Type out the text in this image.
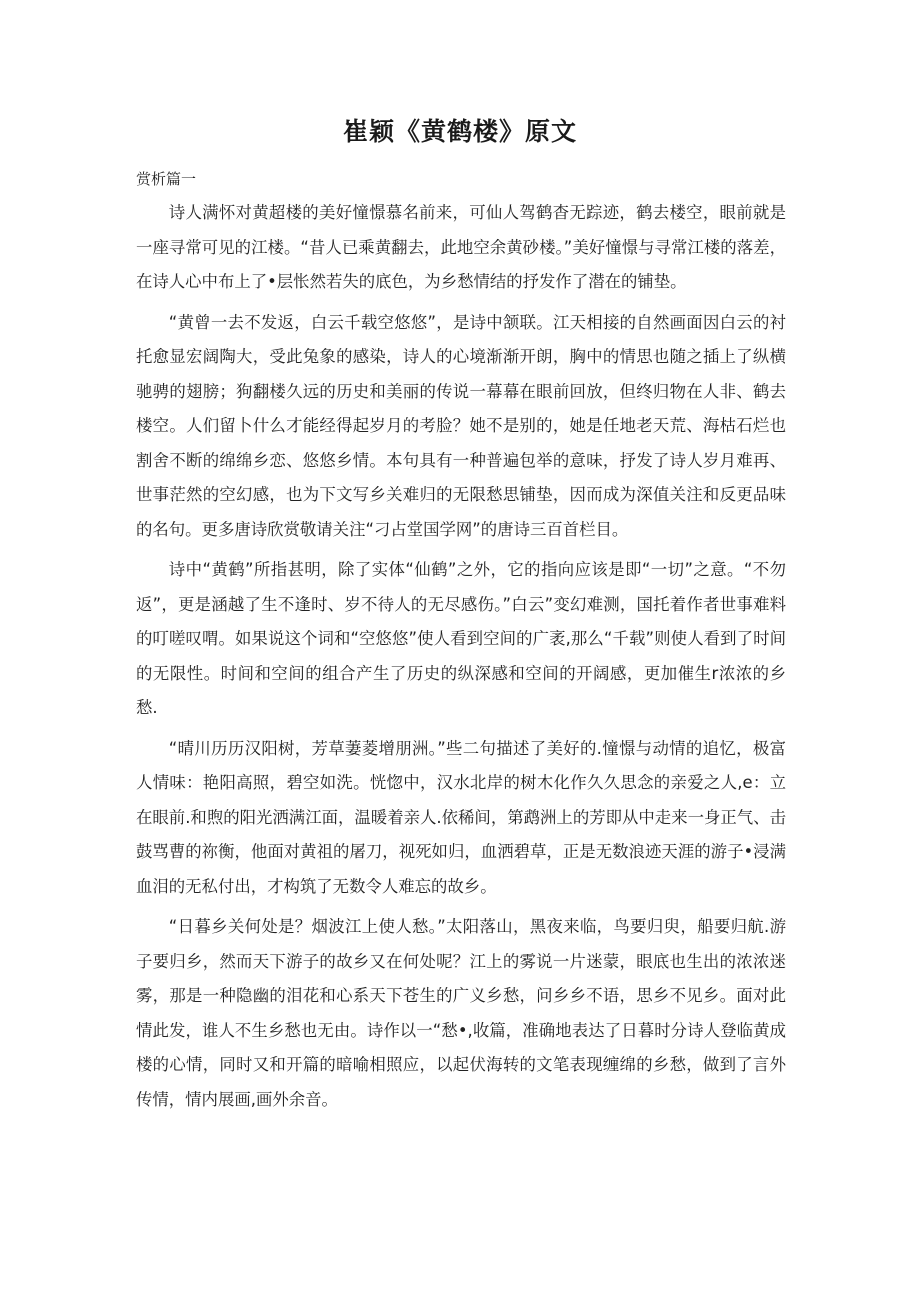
崔颖《黄鹤楼》原文
赏析篇一

诗人满怀对黄超楼的美好憧憬慕名前来，可仙人驾鹤杳无踪迹，鹤去楼空，眼前就是一座寻常可见的江楼。“昔人已乘黄翻去，此地空余黄砂楼。”美好憧憬与寻常江楼的落差，在诗人心中布上了•层怅然若失的底色，为乡愁情结的抒发作了潜在的铺垫。

“黄曾一去不发返，白云千载空悠悠”，是诗中颔联。江天相接的自然画面因白云的衬托愈显宏阔陶大，受此兔象的感染，诗人的心境渐渐开朗，胸中的情思也随之插上了纵横驰骋的翅膀；狗翻楼久远的历史和美丽的传说一幕幕在眼前回放，但终归物在人非、鹤去楼空。人们留卜什么才能经得起岁月的考脸？她不是别的，她是任地老天荒、海枯石烂也割舍不断的绵绵乡恋、悠悠乡情。本句具有一种普遍包举的意味，抒发了诗人岁月难再、世事茫然的空幻感，也为下文写乡关难归的无限愁思铺垫，因而成为深值关注和反更品味的名句。更多唐诗欣赏敬请关注“刁占堂国学网”的唐诗三百首栏目。

诗中“黄鹤”所指甚明，除了实体“仙鹤”之外，它的指向应该是即“一切”之意。“不勿返”，更是涵越了生不逢时、岁不待人的无尽感伤。”白云”变幻难测，国托着作者世事难料的叮嗟叹喟。如果说这个词和“空悠悠”使人看到空间的广袤,那么“千载”则使人看到了时间的无限性。时间和空间的组合产生了历史的纵深感和空间的开阔感，更加催生r浓浓的乡愁.

“晴川历历汉阳树，芳草萋菱增朋洲。”些二句描述了美好的.憧憬与动情的追忆，极富人情味：艳阳高照，碧空如洗。恍惚中，汉水北岸的树木化作久久思念的亲爱之人,e：立在眼前.和煦的阳光洒满江面，温暖着亲人.依稀间，第鹉洲上的芳即从中走来一身正气、击鼓骂曹的祢衡，他面对黄祖的屠刀，视死如归，血洒碧草，正是无数浪迹天涯的游子•浸满血泪的无私付出，才构筑了无数令人难忘的故乡。

“日暮乡关何处是？烟波江上使人愁。”太阳落山，黑夜来临，鸟要归臾，船要归航.游子要归乡，然而天下游子的故乡又在何处呢？江上的雾说一片迷蒙，眼底也生出的浓浓迷雾，那是一种隐幽的泪花和心系天下苍生的广义乡愁，问乡乡不语，思乡不见乡。面对此情此发，谁人不生乡愁也无由。诗作以一“愁•,收篇，准确地表达了日暮时分诗人登临黄成楼的心情，同时又和开篇的暗喻相照应，以起伏海转的文笔表现缠绵的乡愁，做到了言外传情，情内展画,画外余音。
